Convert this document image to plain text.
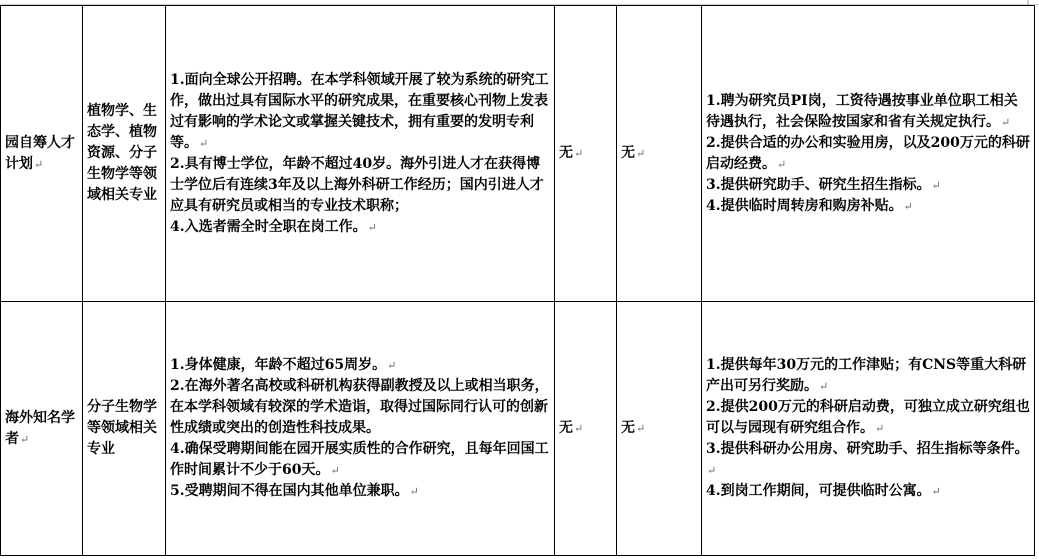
园自筹人才计划↵	植物学、生态学、植物资源、分子生物学等领域相关专业	1.面向全球公开招聘。在本学科领域开展了较为系统的研究工作，做出过具有国际水平的研究成果，在重要核心刊物上发表过有影响的学术论文或掌握关键技术，拥有重要的发明专利等。↵
2.具有博士学位，年龄不超过40岁。海外引进人才在获得博士学位后有连续3年及以上海外科研工作经历；国内引进人才应具有研究员或相当的专业技术职称；
4.入选者需全时全职在岗工作。↵	无↵	无↵	1.聘为研究员PI岗，工资待遇按事业单位职工相关待遇执行，社会保险按国家和省有关规定执行。↵
2.提供合适的办公和实验用房，以及200万元的科研启动经费。↵
3.提供研究助手、研究生招生指标。↵
4.提供临时周转房和购房补贴。↵

海外知名学者↵	分子生物学等领域相关专业	1.身体健康，年龄不超过65周岁。↵
2.在海外著名高校或科研机构获得副教授及以上或相当职务，在本学科领域有较深的学术造诣，取得过国际同行认可的创新性成绩或突出的创造性科技成果。
4.确保受聘期间能在园开展实质性的合作研究，且每年回国工作时间累计不少于60天。↵
5.受聘期间不得在国内其他单位兼职。↵	无↵	无↵	1.提供每年30万元的工作津贴；有CNS等重大科研产出可另行奖励。↵
2.提供200万元的科研启动费，可独立成立研究组也可以与园现有研究组合作。↵
3.提供科研办公用房、研究助手、招生指标等条件。↵
4.到岗工作期间，可提供临时公寓。↵
